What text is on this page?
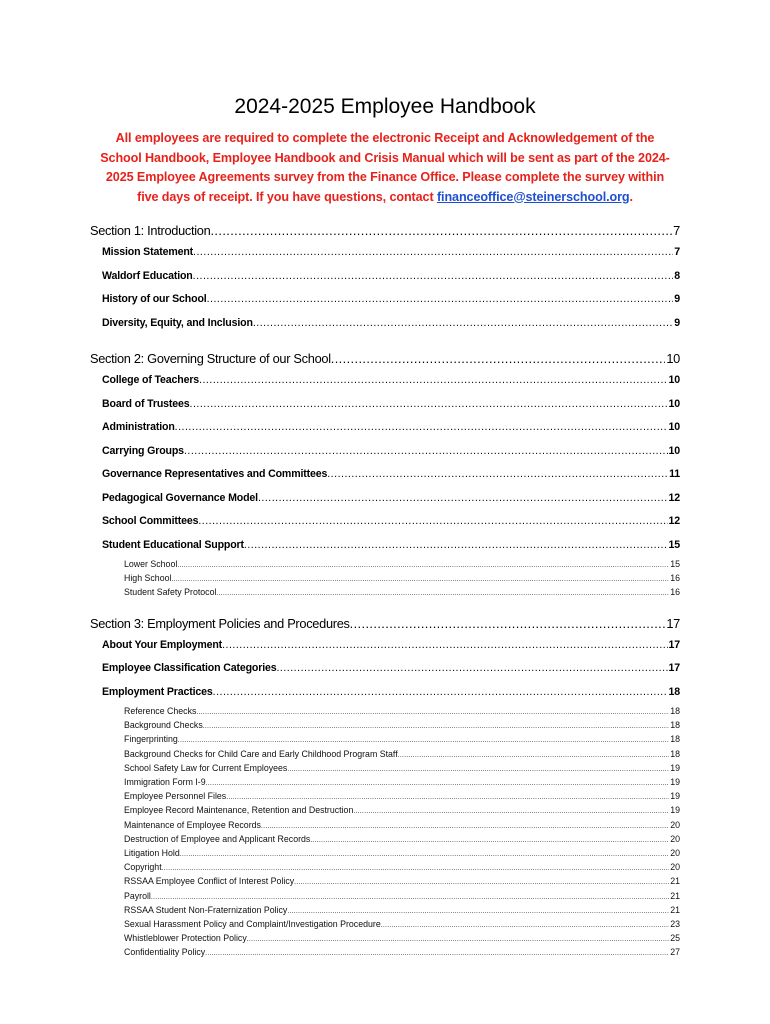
2024-2025 Employee Handbook

All employees are required to complete the electronic Receipt and Acknowledgement of the School Handbook, Employee Handbook and Crisis Manual which will be sent as part of the 2024-2025 Employee Agreements survey from the Finance Office. Please complete the survey within five days of receipt. If you have questions, contact financeoffice@steinerschool.org.

Section 1: Introduction .....	7
Mission Statement .....	7
Waldorf Education .....	8
History of our School .....	9
Diversity, Equity, and Inclusion .....	9
Section 2: Governing Structure of our School .....	10
College of Teachers .....	10
Board of Trustees .....	10
Administration .....	10
Carrying Groups .....	10
Governance Representatives and Committees .....	11
Pedagogical Governance Model .....	12
School Committees .....	12
Student Educational Support .....	15
Lower School .....	15
High School .....	16
Student Safety Protocol .....	16
Section 3: Employment Policies and Procedures .....	17
About Your Employment .....	17
Employee Classification Categories .....	17
Employment Practices .....	18
Reference Checks .....	18
Background Checks .....	18
Fingerprinting .....	18
Background Checks for Child Care and Early Childhood Program Staff .....	18
School Safety Law for Current Employees .....	19
Immigration Form I-9 .....	19
Employee Personnel Files .....	19
Employee Record Maintenance, Retention and Destruction .....	19
Maintenance of Employee Records .....	20
Destruction of Employee and Applicant Records .....	20
Litigation Hold .....	20
Copyright .....	20
RSSAA Employee Conflict of Interest Policy .....	21
Payroll .....	21
RSSAA Student Non-Fraternization Policy .....	21
Sexual Harassment Policy and Complaint/Investigation Procedure .....	23
Whistleblower Protection Policy .....	25
Confidentiality Policy .....	27
